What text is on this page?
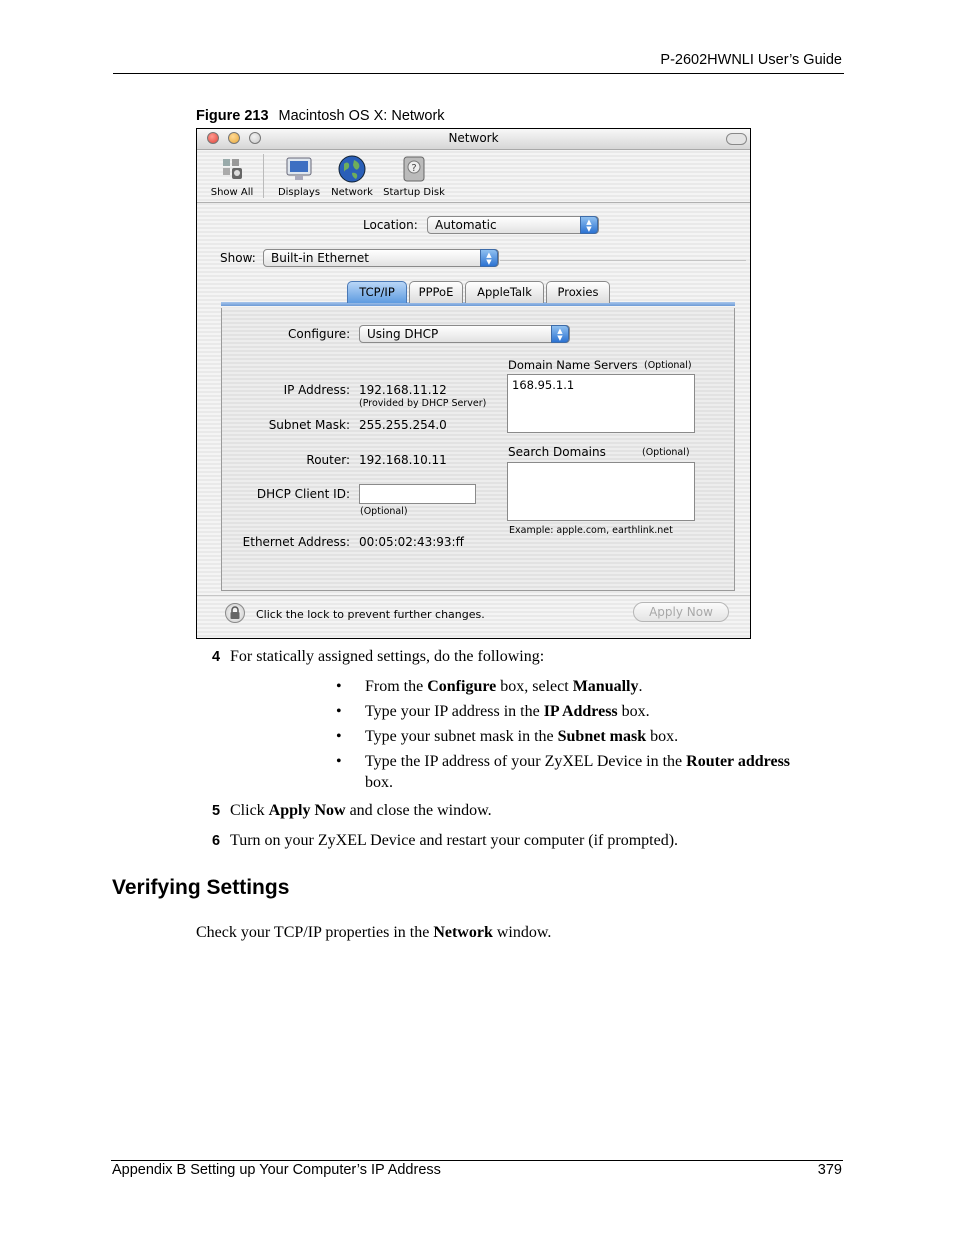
P-2602HWNLI User’s Guide
Figure 213 Macintosh OS X: Network
Network
Show All	Displays	Network
?
Startup Disk
Location:	Automatic	▲
▼
Show:	Built-in Ethernet	▲
▼
TCP/IP	PPPoE	AppleTalk	Proxies
Configure:	Using DHCP	▲
▼
IP Address: 192.168.11.12
(Provided by DHCP Server)
Subnet Mask: 255.255.254.0
Router: 192.168.10.11
DHCP Client ID:
(Optional)
Ethernet Address: 00:05:02:43:93:ff
Domain Name Servers (Optional)
168.95.1.1
Search Domains	(Optional)
Example: apple.com, earthlink.net
Click the lock to prevent further changes.	Apply Now
4 For statically assigned settings, do the following:
• From the Configure box, select Manually.
• Type your IP address in the IP Address box.
• Type your subnet mask in the Subnet mask box.
• Type the IP address of your ZyXEL Device in the Router address
box.
5 Click Apply Now and close the window.
6 Turn on your ZyXEL Device and restart your computer (if prompted).
Verifying Settings
Check your TCP/IP properties in the Network window.
Appendix B Setting up Your Computer’s IP Address	379
